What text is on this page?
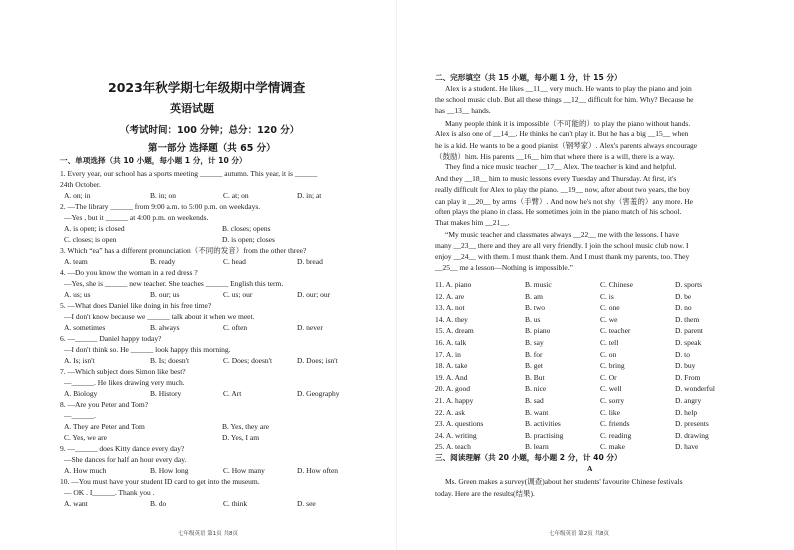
2023年秋学期七年级期中学情调查
英语试题
（考试时间：100 分钟；总分：120 分）
第一部分 选择题（共 65 分）
一、单项选择（共 10 小题，每小题 1 分，计 10 分）
1. Every year, our school has a sports meeting ______ autumn. This year, it is ______
24th October.
A. on; in	B. in; on	C. at; on	D. in; at
2. —The library ______ from 9:00 a.m. to 5:00 p.m. on weekdays.
—Yes , but it ______ at 4:00 p.m. on weekends.
A. is open; is closed	B. closes; opens
C. closes; is open	D. is open; closes
3. Which “ea” has a different pronunciation（不同的发音）from the other three?
A. team	B. ready	C. head	D. bread
4. —Do you know the woman in a red dress ?
—Yes, she is ______ new teacher. She teaches ______ English this term.
A. us; us	B. our; us	C. us; our	D. our; our
5. —What does Daniel like doing in his free time?
—I don't know because we ______ talk about it when we meet.
A. sometimes	B. always	C. often	D. never
6. —______ Daniel happy today?
—I don't think so. He ______ look happy this morning.
A. Is; isn't	B. Is; doesn't	C. Does; doesn't	D. Does; isn't
7. —Which subject does Simon like best?
—______. He likes drawing very much.
A. Biology	B. History	C. Art	D. Geography
8. —Are you Peter and Tom?
—______.
A. They are Peter and Tom	B. Yes, they are
C. Yes, we are	D. Yes, I am
9. —______ does Kitty dance every day?
—She dances for half an hour every day.
A. How much	B. How long	C. How many	D. How often
10. —You must have your student ID card to get into the museum.
— OK . I______. Thank you .
A. want	B. do	C. think	D. see
七年级英语 第1页 共8页
二、完形填空（共 15 小题，每小题 1 分，计 15 分）
Alex is a student. He likes __11__ very much. He wants to play the piano and join
the school music club. But all these things __12__ difficult for him. Why? Because he
has __13__ hands.
Many people think it is impossible（不可能的）to play the piano without hands.
Alex is also one of __14__. He thinks he can't play it. But he has a big __15__ when
he is a kid. He wants to be a good pianist（钢琴家）. Alex's parents always encourage
（鼓励）him. His parents __16__ him that where there is a will, there is a way.
They find a nice music teacher __17__ Alex. The teacher is kind and helpful.
And they __18__ him to music lessons every Tuesday and Thursday. At first, it's
really difficult for Alex to play the piano. __19__ now, after about two years, the boy
can play it __20__ by arms（手臂）. And now he's not shy（害羞的）any more. He
often plays the piano in class. He sometimes join in the piano match of his school.
That makes him __21__.
“My music teacher and classmates always __22__ me with the lessons. I have
many __23__ there and they are all very friendly. I join the school music club now. I
enjoy __24__ with them. I must thank them. And I must thank my parents, too. They
__25__ me a lesson—Nothing is impossible.”
11. A. piano	B. music	C. Chinese	D. sports
12. A. are	B. am	C. is	D. be
13. A. not	B. two	C. one	D. no
14. A. they	B. us	C. we	D. them
15. A. dream	B. piano	C. teacher	D. parent
16. A. talk	B. say	C. tell	D. speak
17. A. in	B. for	C. on	D. to
18. A. take	B. get	C. bring	D. buy
19. A. And	B. But	C. Or	D. From
20. A. good	B. nice	C. well	D. wonderful
21. A. happy	B. sad	C. sorry	D. angry
22. A. ask	B. want	C. like	D. help
23. A. questions	B. activities	C. friends	D. presents
24. A. writing	B. practising	C. reading	D. drawing
25. A. teach	B. learn	C. make	D. have
三、阅读理解（共 20 小题，每小题 2 分，计 40 分）
A
Ms. Green makes a survey(调查)about her students' favourite Chinese festivals
today. Here are the results(结果).
七年级英语 第2页 共8页
